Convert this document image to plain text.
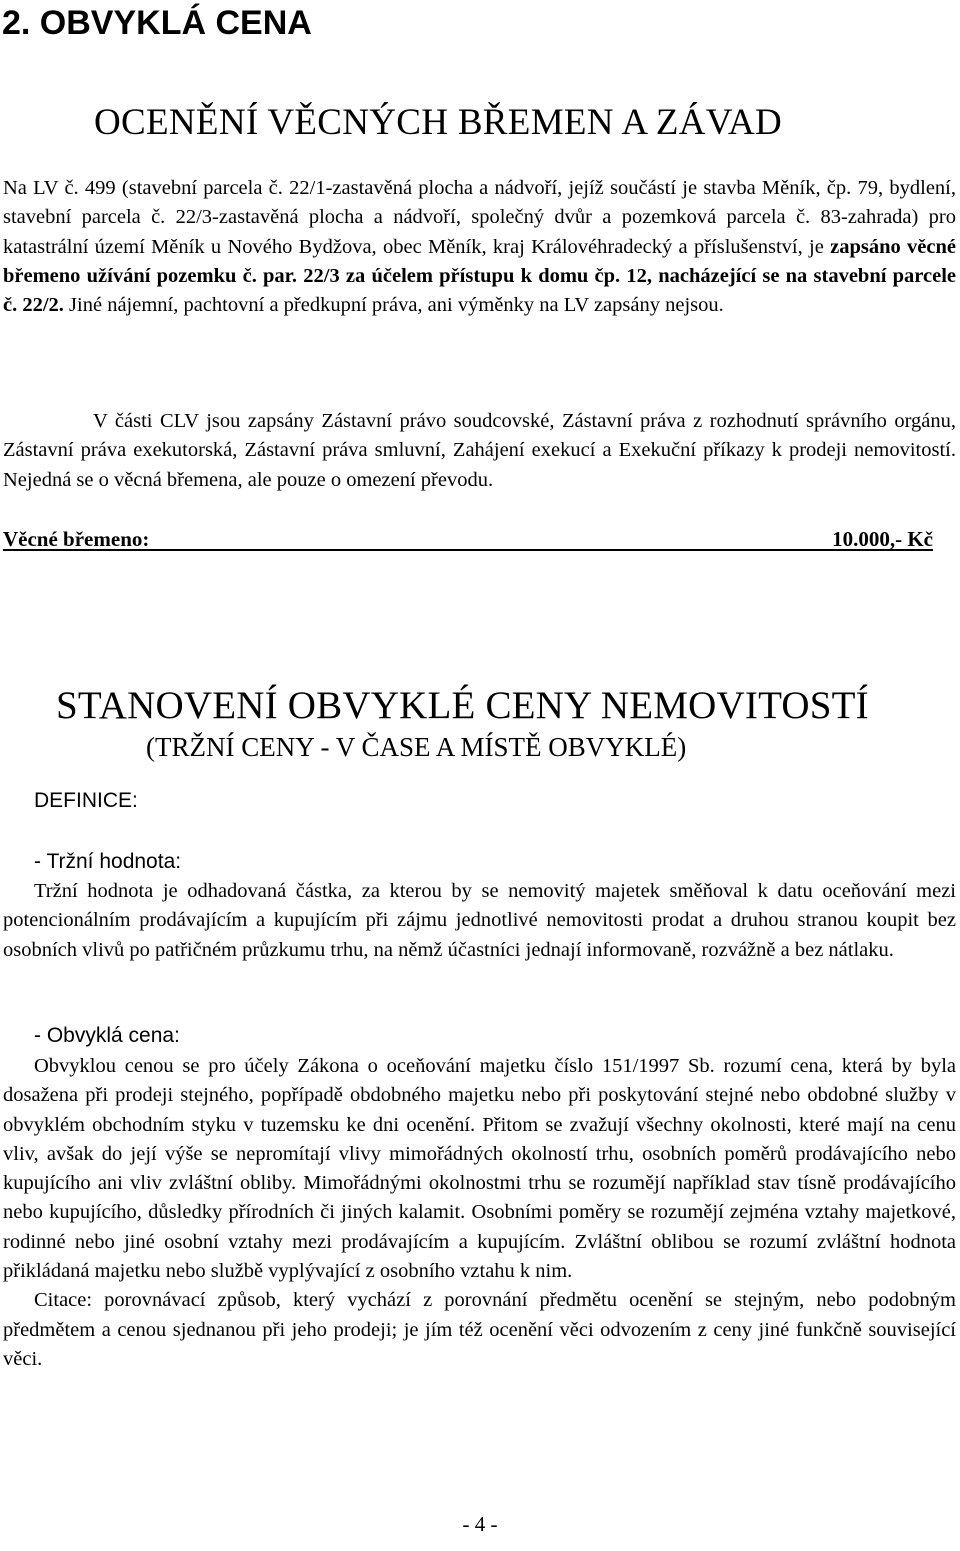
2. OBVYKLÁ CENA
OCENĚNÍ VĚCNÝCH BŘEMEN A ZÁVAD

Na LV č. 499 (stavební parcela č. 22/1-zastavěná plocha a nádvoří, jejíž součástí je stavba Měník, čp. 79, bydlení, stavební parcela č. 22/3-zastavěná plocha a nádvoří, společný dvůr a pozemková parcela č. 83-zahrada) pro katastrální území Měník u Nového Bydžova, obec Měník, kraj Královéhradecký a příslušenství, je zapsáno věcné břemeno užívání pozemku č. par. 22/3 za účelem přístupu k domu čp. 12, nacházející se na stavební parcele č. 22/2. Jiné nájemní, pachtovní a předkupní práva, ani výměnky na LV zapsány nejsou.

V části CLV jsou zapsány Zástavní právo soudcovské, Zástavní práva z rozhodnutí správního orgánu, Zástavní práva exekutorská, Zástavní práva smluvní, Zahájení exekucí a Exekuční příkazy k prodeji nemovitostí. Nejedná se o věcná břemena, ale pouze o omezení převodu.

Věcné břemeno:	10.000,- Kč
STANOVENÍ OBVYKLÉ CENY NEMOVITOSTÍ
(TRŽNÍ CENY - V ČASE A MÍSTĚ OBVYKLÉ)
DEFINICE:
- Tržní hodnota:

Tržní hodnota je odhadovaná částka, za kterou by se nemovitý majetek směňoval k datu oceňování mezi potencionálním prodávajícím a kupujícím při zájmu jednotlivé nemovitosti prodat a druhou stranou koupit bez osobních vlivů po patřičném průzkumu trhu, na němž účastníci jednají informovaně, rozvážně a bez nátlaku.

- Obvyklá cena:

Obvyklou cenou se pro účely Zákona o oceňování majetku číslo 151/1997 Sb. rozumí cena, která by byla dosažena při prodeji stejného, popřípadě obdobného majetku nebo při poskytování stejné nebo obdobné služby v obvyklém obchodním styku v tuzemsku ke dni ocenění. Přitom se zvažují všechny okolnosti, které mají na cenu vliv, avšak do její výše se nepromítají vlivy mimořádných okolností trhu, osobních poměrů prodávajícího nebo kupujícího ani vliv zvláštní obliby. Mimořádnými okolnostmi trhu se rozumějí například stav tísně prodávajícího nebo kupujícího, důsledky přírodních či jiných kalamit. Osobními poměry se rozumějí zejména vztahy majetkové, rodinné nebo jiné osobní vztahy mezi prodávajícím a kupujícím. Zvláštní oblibou se rozumí zvláštní hodnota přikládaná majetku nebo službě vyplývající z osobního vztahu k nim.

Citace: porovnávací způsob, který vychází z porovnání předmětu ocenění se stejným, nebo podobným předmětem a cenou sjednanou při jeho prodeji; je jím též ocenění věci odvozením z ceny jiné funkčně související věci.

- 4 -
